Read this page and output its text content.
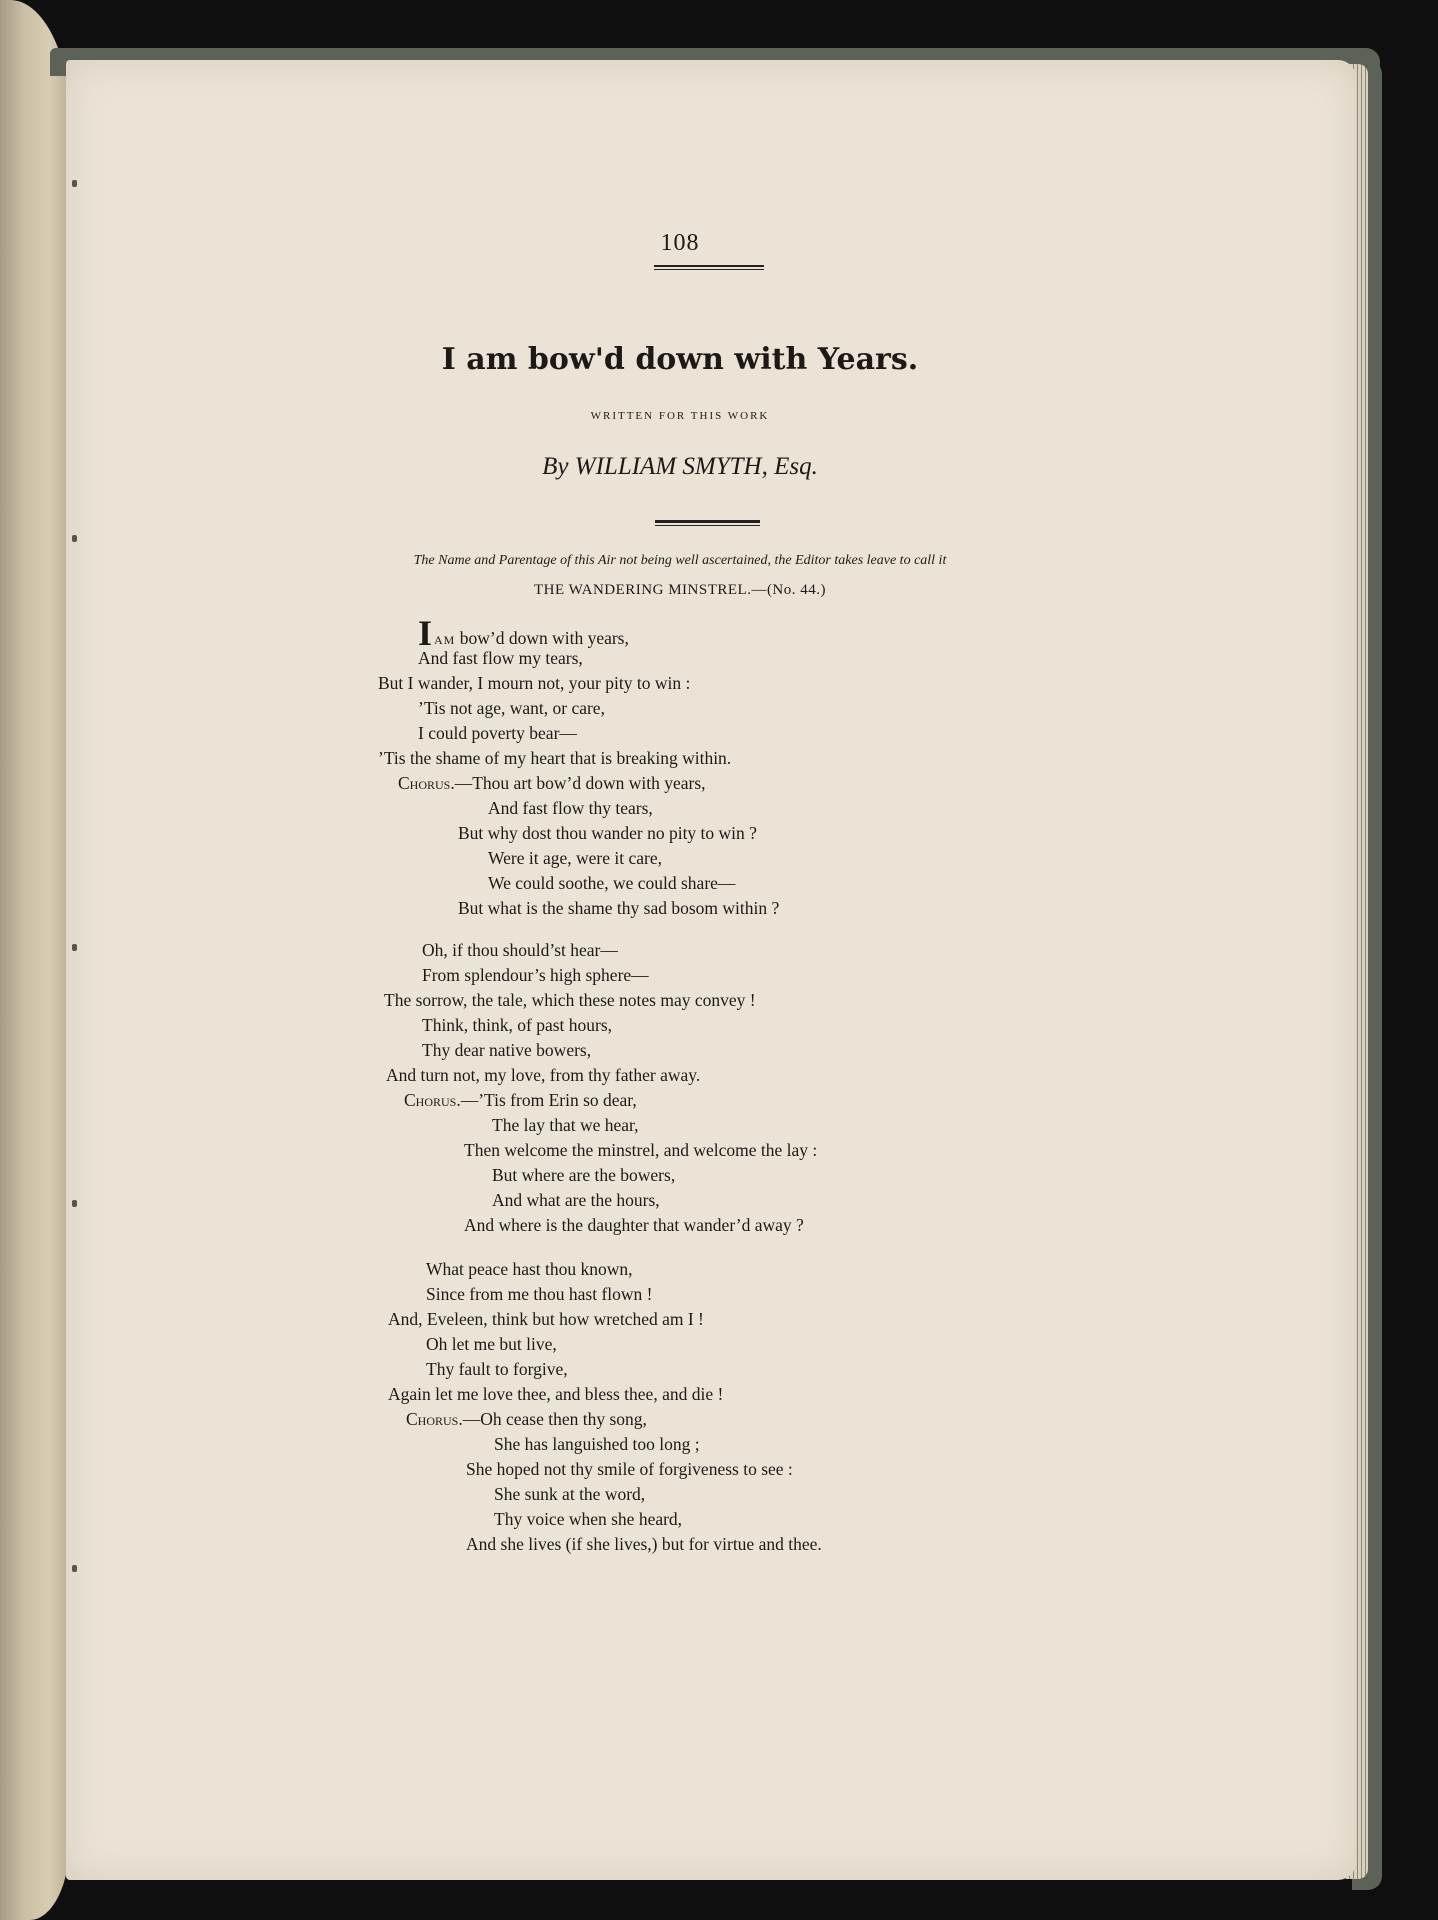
108
I am bow'd down with Years.
WRITTEN FOR THIS WORK
By WILLIAM SMYTH, Esq.
The Name and Parentage of this Air not being well ascertained, the Editor takes leave to call it
THE WANDERING MINSTREL.—(No. 44.)
IAM bow’d down with years,
And fast flow my tears,
But I wander, I mourn not, your pity to win :
’Tis not age, want, or care,
I could poverty bear—
’Tis the shame of my heart that is breaking within.
Chorus.—Thou art bow’d down with years,
And fast flow thy tears,
But why dost thou wander no pity to win ?
Were it age, were it care,
We could soothe, we could share—
But what is the shame thy sad bosom within ?
Oh, if thou should’st hear—
From splendour’s high sphere—
The sorrow, the tale, which these notes may convey !
Think, think, of past hours,
Thy dear native bowers,
And turn not, my love, from thy father away.
Chorus.—’Tis from Erin so dear,
The lay that we hear,
Then welcome the minstrel, and welcome the lay :
But where are the bowers,
And what are the hours,
And where is the daughter that wander’d away ?
What peace hast thou known,
Since from me thou hast flown !
And, Eveleen, think but how wretched am I !
Oh let me but live,
Thy fault to forgive,
Again let me love thee, and bless thee, and die !
Chorus.—Oh cease then thy song,
She has languished too long ;
She hoped not thy smile of forgiveness to see :
She sunk at the word,
Thy voice when she heard,
And she lives (if she lives,) but for virtue and thee.
